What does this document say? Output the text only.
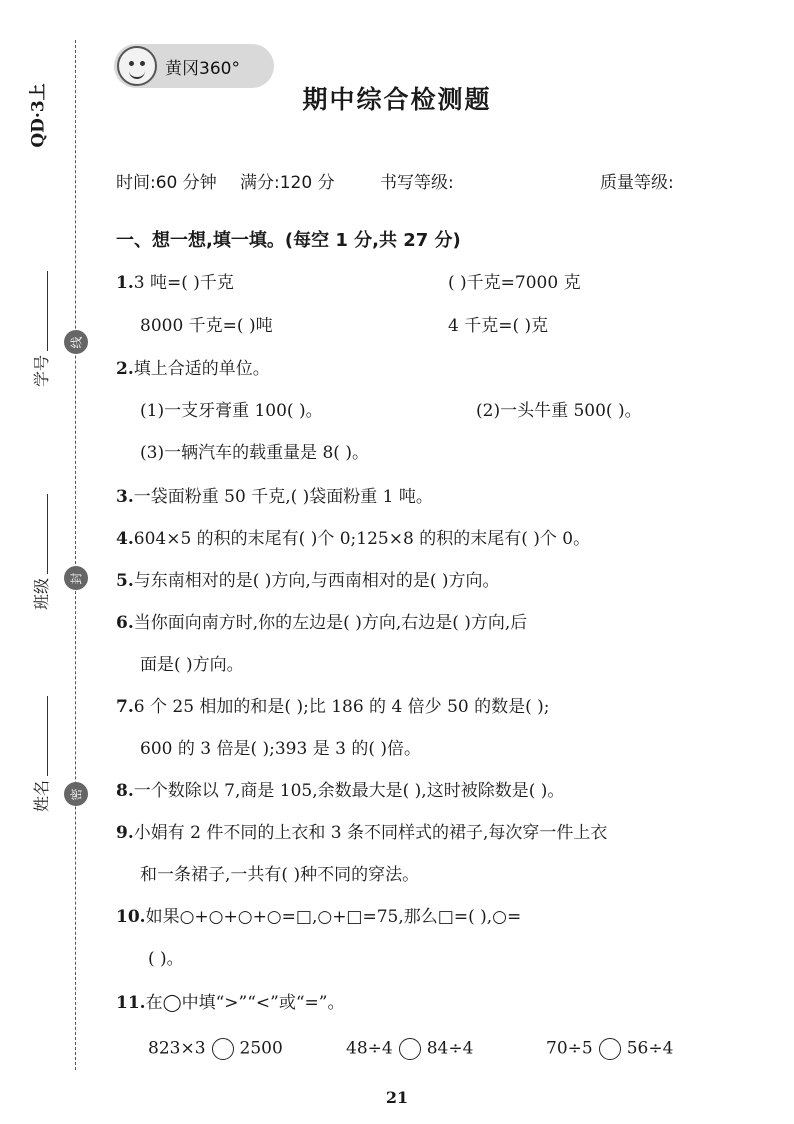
QD·3上
线
封
密
学号
班级
姓名
黄冈360°
期中综合检测题
时间:60 分钟 满分:120 分	书写等级:	质量等级:
一、想一想,填一填。(每空 1 分,共 27 分)
1.3 吨=( )千克	( )千克=7000 克
8000 千克=( )吨	4 千克=( )克
2.填上合适的单位。
(1)一支牙膏重 100( )。	(2)一头牛重 500( )。
(3)一辆汽车的载重量是 8( )。
3.一袋面粉重 50 千克,( )袋面粉重 1 吨。
4.604×5 的积的末尾有( )个 0;125×8 的积的末尾有( )个 0。
5.与东南相对的是( )方向,与西南相对的是( )方向。
6.当你面向南方时,你的左边是( )方向,右边是( )方向,后
面是( )方向。
7.6 个 25 相加的和是( );比 186 的 4 倍少 50 的数是( );
600 的 3 倍是( );393 是 3 的( )倍。
8.一个数除以 7,商是 105,余数最大是( ),这时被除数是( )。
9.小娟有 2 件不同的上衣和 3 条不同样式的裙子,每次穿一件上衣
和一条裙子,一共有( )种不同的穿法。
10.如果○+○+○+○=□,○+□=75,那么□=( ),○=
( )。
11.在◯中填“>”“<”或“=”。
823×3 2500	48÷4 84÷4	70÷5 56÷4
21
